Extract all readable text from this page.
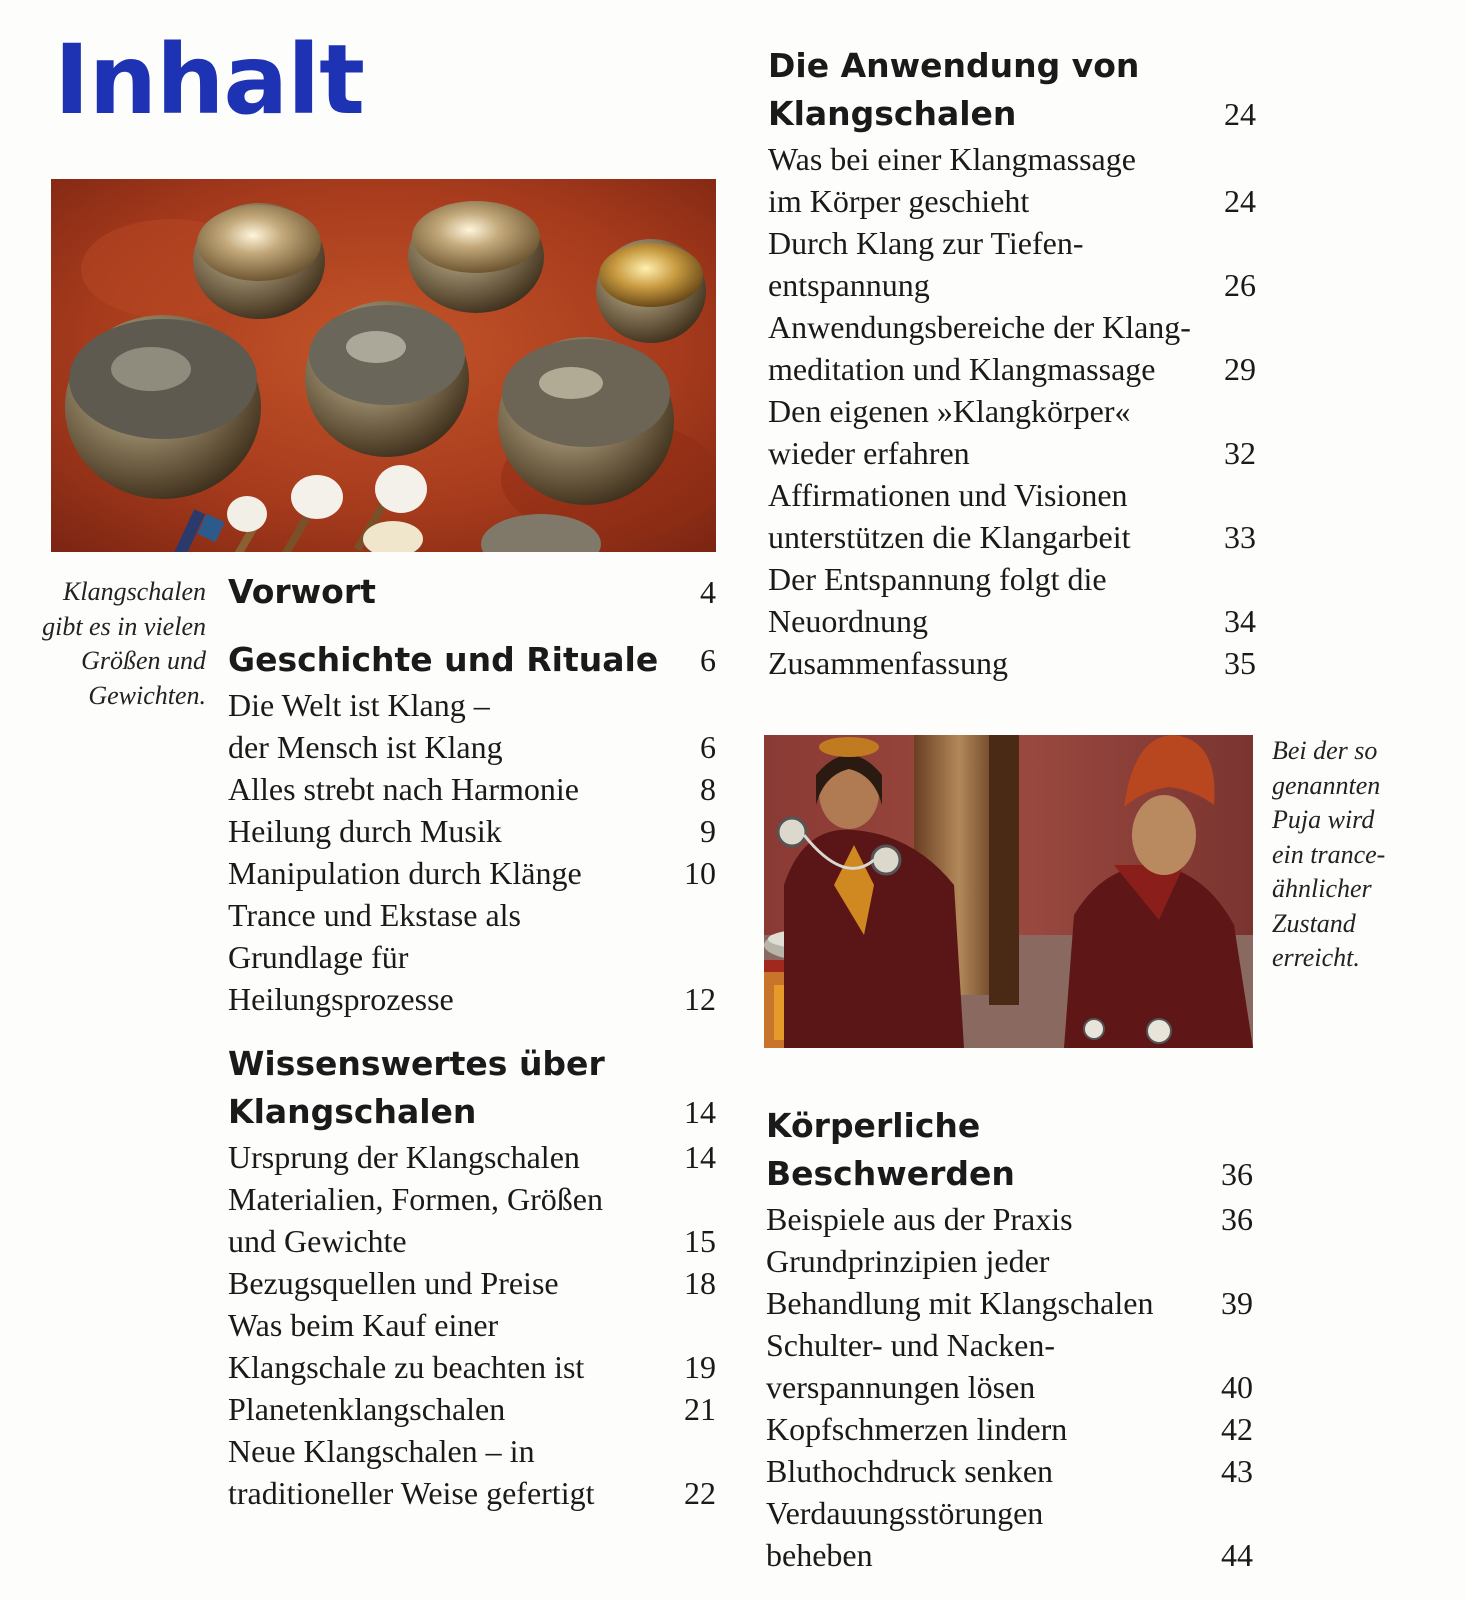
Inhalt
Klangschalen
gibt es in vielen
Größen und
Gewichten.
Bei der so
genannten
Puja wird
ein trance-
ähnlicher
Zustand
erreicht.
Vorwort	4
Geschichte und Rituale	6
Die Welt ist Klang –
der Mensch ist Klang	6
Alles strebt nach Harmonie	8
Heilung durch Musik	9
Manipulation durch Klänge	10
Trance und Ekstase als
Grundlage für
Heilungsprozesse	12
Wissenswertes über
Klangschalen	14
Ursprung der Klangschalen	14
Materialien, Formen, Größen
und Gewichte	15
Bezugsquellen und Preise	18
Was beim Kauf einer
Klangschale zu beachten ist	19
Planetenklangschalen	21
Neue Klangschalen – in
traditioneller Weise gefertigt	22
Die Anwendung von
Klangschalen	24
Was bei einer Klangmassage
im Körper geschieht	24
Durch Klang zur Tiefen-
entspannung	26
Anwendungsbereiche der Klang-
meditation und Klangmassage	29
Den eigenen »Klangkörper«
wieder erfahren	32
Affirmationen und Visionen
unterstützen die Klangarbeit	33
Der Entspannung folgt die
Neuordnung	34
Zusammenfassung	35
Körperliche Beschwerden	36
Beispiele aus der Praxis	36
Grundprinzipien jeder
Behandlung mit Klangschalen	39
Schulter- und Nacken-
verspannungen lösen	40
Kopfschmerzen lindern	42
Bluthochdruck senken	43
Verdauungsstörungen
beheben	44
